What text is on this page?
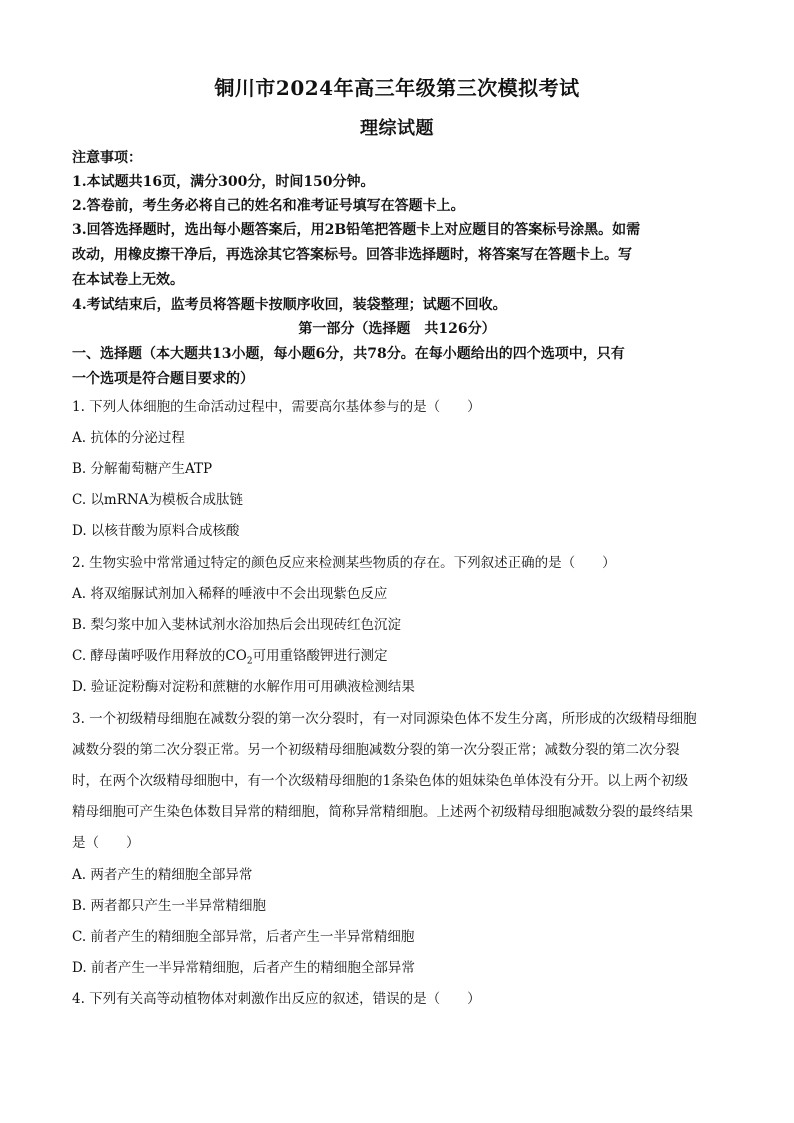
铜川市2024年高三年级第三次模拟考试
理综试题
注意事项：
1.本试题共16页，满分300分，时间150分钟。
2.答卷前，考生务必将自己的姓名和准考证号填写在答题卡上。
3.回答选择题时，选出每小题答案后，用2B铅笔把答题卡上对应题目的答案标号涂黑。如需
改动，用橡皮擦干净后，再选涂其它答案标号。回答非选择题时，将答案写在答题卡上。写
在本试卷上无效。
4.考试结束后，监考员将答题卡按顺序收回，装袋整理；试题不回收。
第一部分（选择题　共126分）
一、选择题（本大题共13小题，每小题6分，共78分。在每小题给出的四个选项中，只有
一个选项是符合题目要求的）
1. 下列人体细胞的生命活动过程中，需要高尔基体参与的是（　　）
A. 抗体的分泌过程
B. 分解葡萄糖产生ATP
C. 以mRNA为模板合成肽链
D. 以核苷酸为原料合成核酸
2. 生物实验中常常通过特定的颜色反应来检测某些物质的存在。下列叙述正确的是（　　）
A. 将双缩脲试剂加入稀释的唾液中不会出现紫色反应
B. 梨匀浆中加入斐林试剂水浴加热后会出现砖红色沉淀
C. 酵母菌呼吸作用释放的$CO_2$可用重铬酸钾进行测定
D. 验证淀粉酶对淀粉和蔗糖的水解作用可用碘液检测结果
3. 一个初级精母细胞在减数分裂的第一次分裂时，有一对同源染色体不发生分离，所形成的次级精母细胞
减数分裂的第二次分裂正常。另一个初级精母细胞减数分裂的第一次分裂正常；减数分裂的第二次分裂
时，在两个次级精母细胞中，有一个次级精母细胞的1条染色体的姐妹染色单体没有分开。以上两个初级
精母细胞可产生染色体数目异常的精细胞，简称异常精细胞。上述两个初级精母细胞减数分裂的最终结果
是（　　）
A. 两者产生的精细胞全部异常
B. 两者都只产生一半异常精细胞
C. 前者产生的精细胞全部异常，后者产生一半异常精细胞
D. 前者产生一半异常精细胞，后者产生的精细胞全部异常
4. 下列有关高等动植物体对刺激作出反应的叙述，错误的是（　　）
